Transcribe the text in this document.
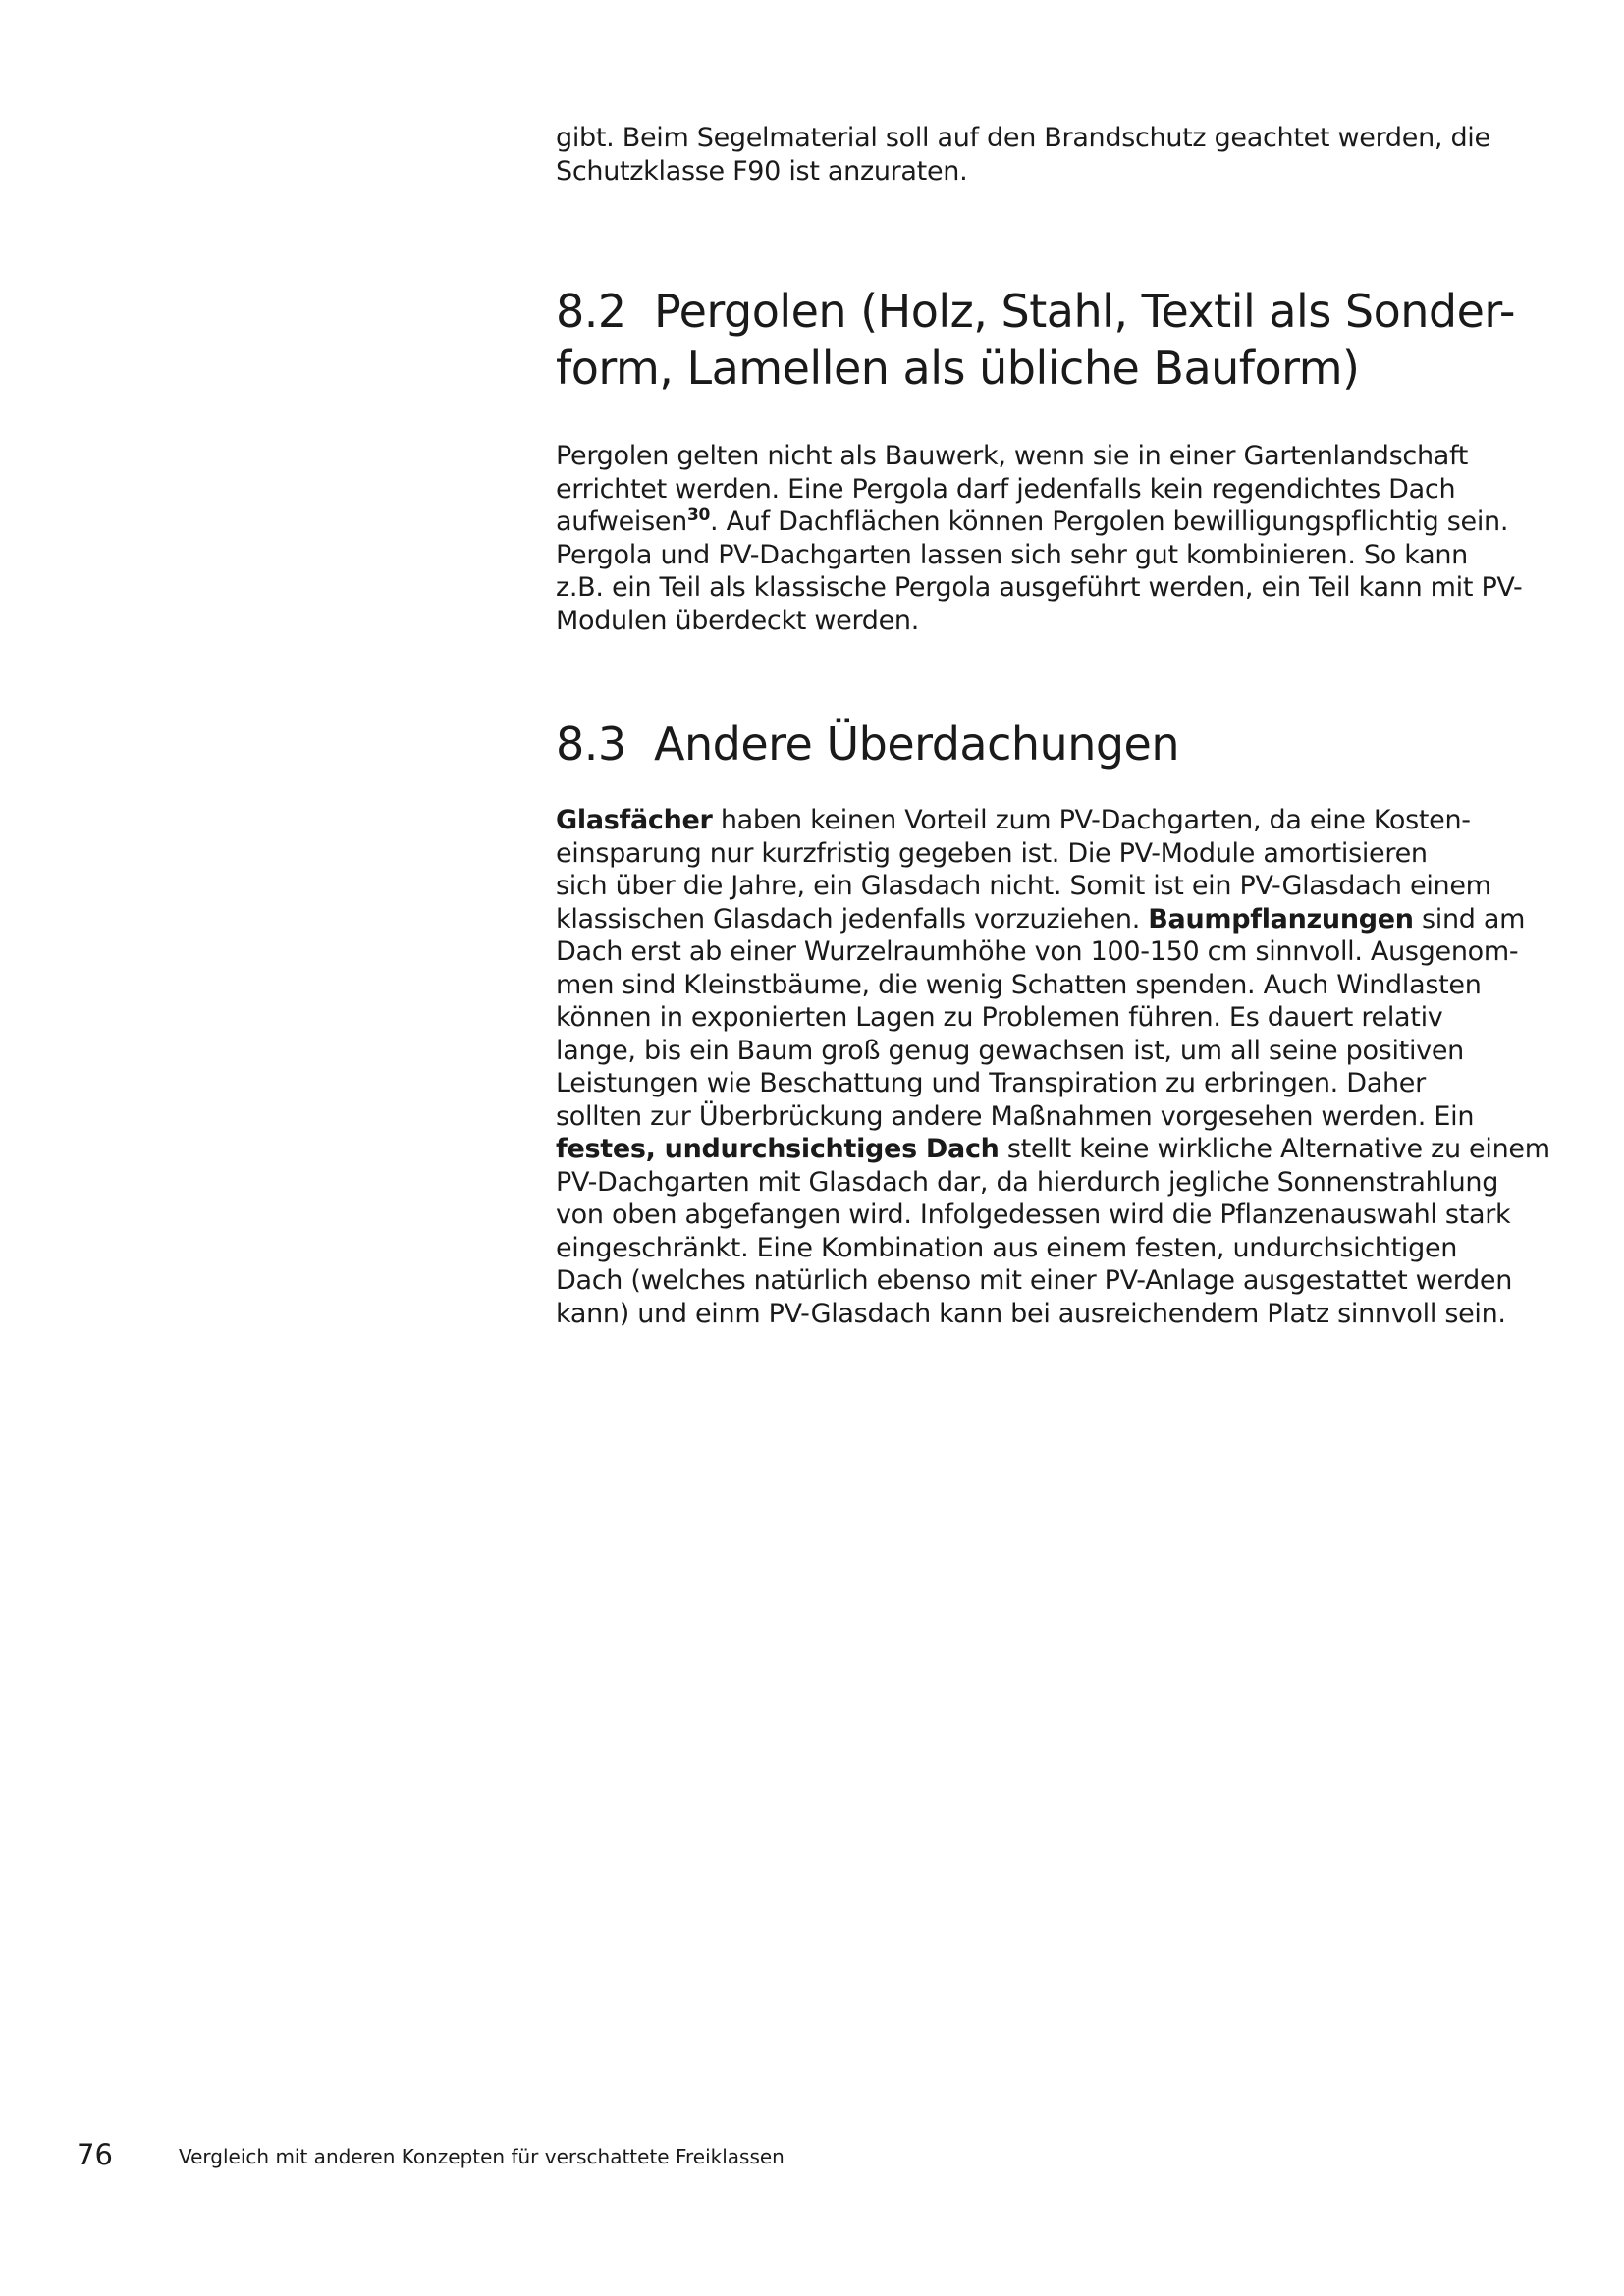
gibt. Beim Segelmaterial soll auf den Brandschutz geachtet werden, die
Schutzklasse F90 ist anzuraten.

8.2 Pergolen (Holz, Stahl, Textil als Sonder-
form, Lamellen als übliche Bauform)

Pergolen gelten nicht als Bauwerk, wenn sie in einer Gartenlandschaft
errichtet werden. Eine Pergola darf jedenfalls kein regendichtes Dach
aufweisen$^{30}$. Auf Dachflächen können Pergolen bewilligungspflichtig sein.
Pergola und PV-Dachgarten lassen sich sehr gut kombinieren. So kann
z.B. ein Teil als klassische Pergola ausgeführt werden, ein Teil kann mit PV-
Modulen überdeckt werden.

8.3 Andere Überdachungen

Glasfächer haben keinen Vorteil zum PV-Dachgarten, da eine Kosten-
einsparung nur kurzfristig gegeben ist. Die PV-Module amortisieren
sich über die Jahre, ein Glasdach nicht. Somit ist ein PV-Glasdach einem
klassischen Glasdach jedenfalls vorzuziehen. Baumpflanzungen sind am
Dach erst ab einer Wurzelraumhöhe von 100-150 cm sinnvoll. Ausgenom-
men sind Kleinstbäume, die wenig Schatten spenden. Auch Windlasten
können in exponierten Lagen zu Problemen führen. Es dauert relativ
lange, bis ein Baum groß genug gewachsen ist, um all seine positiven
Leistungen wie Beschattung und Transpiration zu erbringen. Daher
sollten zur Überbrückung andere Maßnahmen vorgesehen werden. Ein
festes, undurchsichtiges Dach stellt keine wirkliche Alternative zu einem
PV-Dachgarten mit Glasdach dar, da hierdurch jegliche Sonnenstrahlung
von oben abgefangen wird. Infolgedessen wird die Pflanzenauswahl stark
eingeschränkt. Eine Kombination aus einem festen, undurchsichtigen
Dach (welches natürlich ebenso mit einer PV-Anlage ausgestattet werden
kann) und einm PV-Glasdach kann bei ausreichendem Platz sinnvoll sein.

76	Vergleich mit anderen Konzepten für verschattete Freiklassen
